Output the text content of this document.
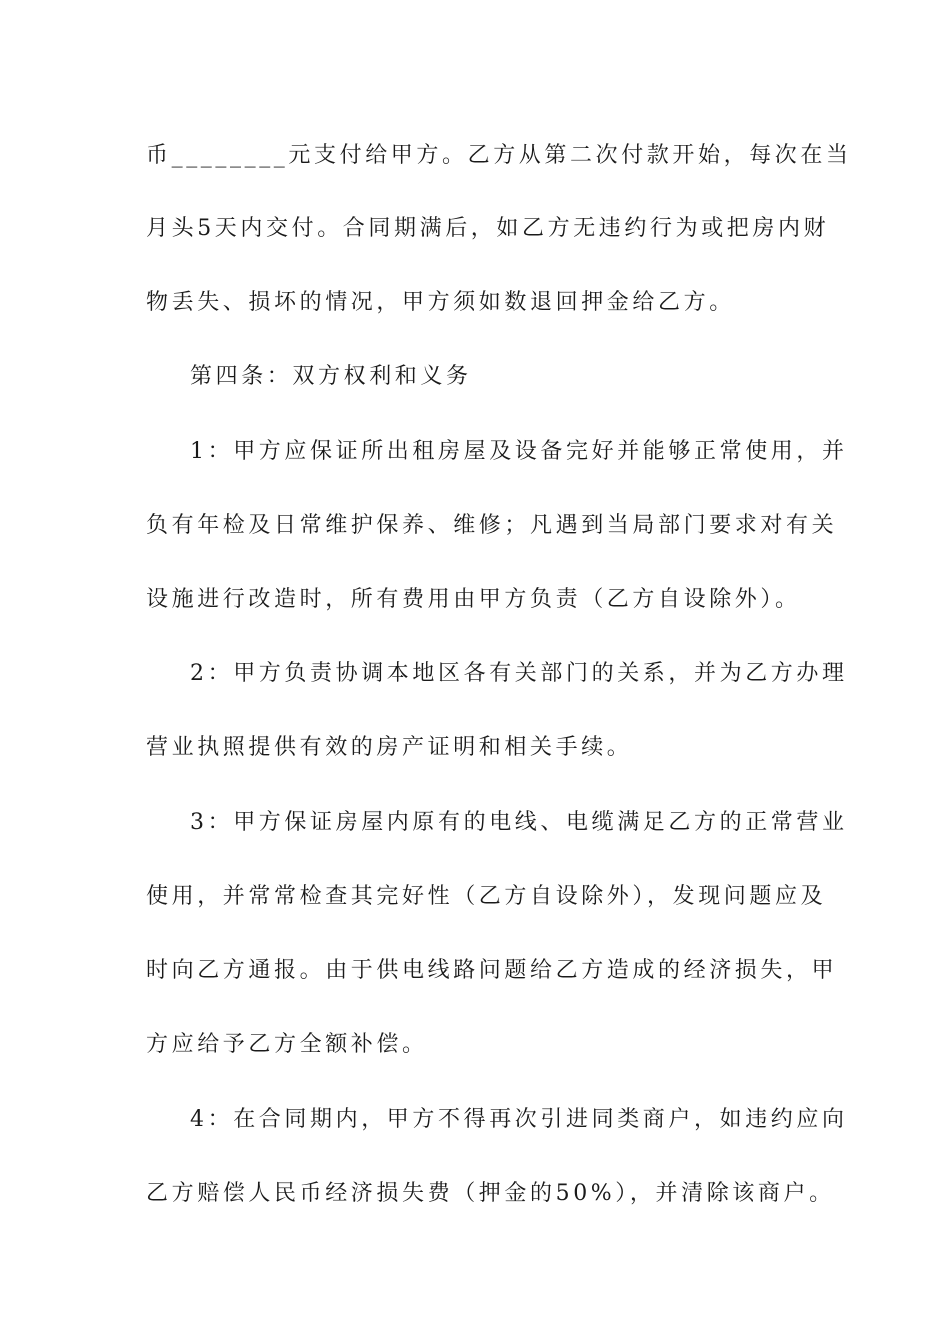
币________元支付给甲方。乙方从第二次付款开始，每次在当
月头5天内交付。合同期满后，如乙方无违约行为或把房内财
物丢失、损坏的情况，甲方须如数退回押金给乙方。
第四条：双方权利和义务
1：甲方应保证所出租房屋及设备完好并能够正常使用，并
负有年检及日常维护保养、维修；凡遇到当局部门要求对有关
设施进行改造时，所有费用由甲方负责（乙方自设除外）。
2：甲方负责协调本地区各有关部门的关系，并为乙方办理
营业执照提供有效的房产证明和相关手续。
3：甲方保证房屋内原有的电线、电缆满足乙方的正常营业
使用，并常常检查其完好性（乙方自设除外），发现问题应及
时向乙方通报。由于供电线路问题给乙方造成的经济损失，甲
方应给予乙方全额补偿。
4：在合同期内，甲方不得再次引进同类商户，如违约应向
乙方赔偿人民币经济损失费（押金的50%），并清除该商户。
